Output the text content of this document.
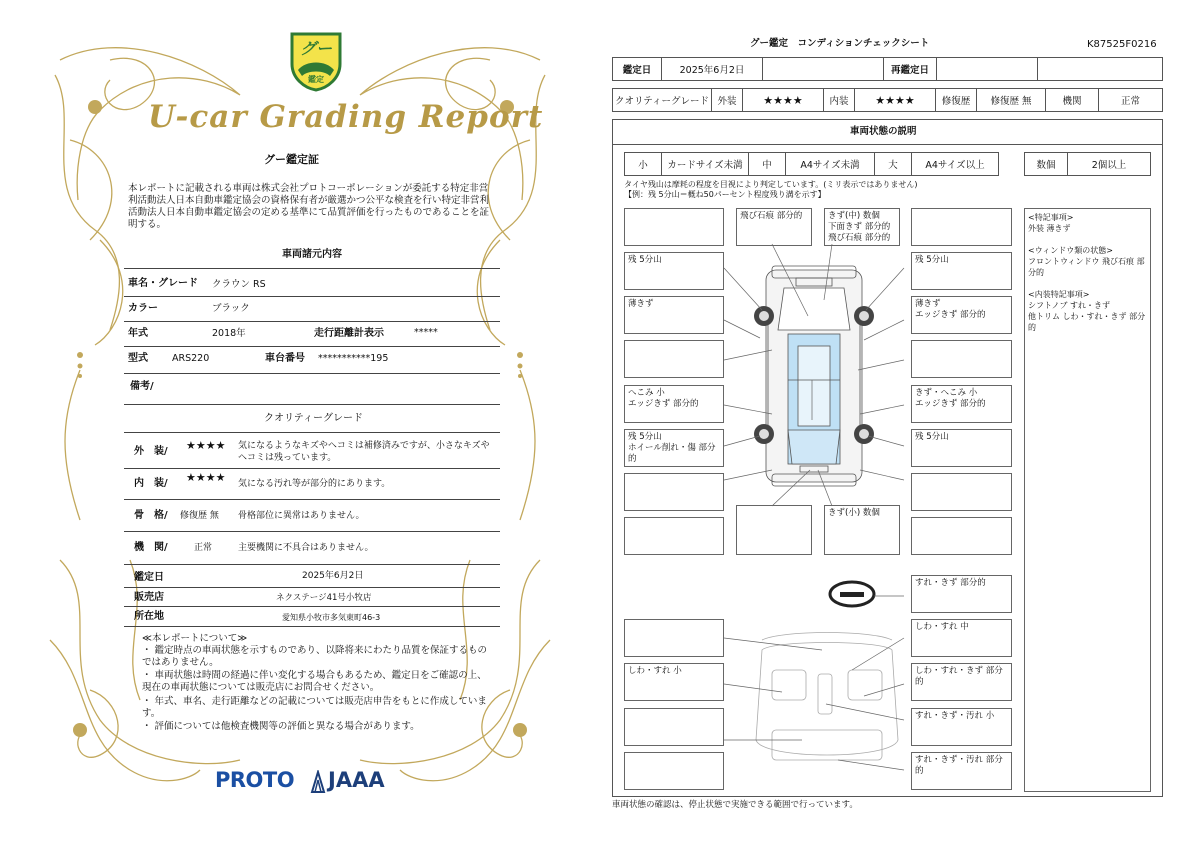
グー
鑑定
U-car Grading Report
グー鑑定証
本レポートに記載される車両は株式会社プロトコーポレーションが委託する特定非営利活動法人日本自動車鑑定協会の資格保有者が厳選かつ公平な検査を行い特定非営利活動法人日本自動車鑑定協会の定める基準にて品質評価を行ったものであることを証明する。
車両諸元内容
車名・グレード クラウン RS
カラー	ブラック
年式	2018年	走行距離計表示	*****
型式	ARS220	車台番号 ***********195
備考/
クオリティーグレード
外　装/ ★★★★ 気になるようなキズやヘコミは補修済みですが、小さなキズやヘコミは残っています。
内　装/ ★★★★ 気になる汚れ等が部分的にあります。
骨　格/ 修復歴 無 骨格部位に異常はありません。
機　関/	正常	主要機関に不具合はありません。
鑑定日	2025年6月2日
販売店	ネクステージ41号小牧店
所在地	愛知県小牧市多気東町46-3
≪本レポートについて≫
・ 鑑定時点の車両状態を示すものであり、以降将来にわたり品質を保証するものではありません。
・ 車両状態は時間の経過に伴い変化する場合もあるため、鑑定日をご確認の上、現在の車両状態については販売店にお問合せください。
・ 年式、車名、走行距離などの記載については販売店申告をもとに作成しています。
・ 評価については他検査機関等の評価と異なる場合があります。
PROTO JAAA
グー鑑定　コンディションチェックシート	K87525F0216
鑑定日	2025年6月2日	再鑑定日
クオリティーグレード 外装	★★★★	内装	★★★★	修復歴	修復歴 無	機関	正常
車両状態の説明
小	カードサイズ未満	中	A4サイズ未満	大	A4サイズ以上	数個	2個以上
タイヤ残山は摩耗の程度を目視により判定しています。(ミリ表示ではありません)
【例：残 5分山＝概ね50パーセント程度残り溝を示す】
飛び石痕 部分的	きず(中) 数個
下面きず 部分的
飛び石痕 部分的
残 5分山	残 5分山
薄きず	薄きず
エッジきず 部分的
へこみ 小
エッジきず 部分的
きず・へこみ 小
エッジきず 部分的
残 5分山
ホイール削れ・傷 部分的
残 5分山
きず(小) 数個
すれ・きず 部分的
しわ・すれ 中
しわ・すれ 小	しわ・すれ・きず 部分的
すれ・きず・汚れ 小
すれ・きず・汚れ 部分的
<特記事項>
外装 薄きず

<ウィンドウ類の状態>
フロントウィンドウ 飛び石痕 部分的

<内装特記事項>
シフトノブ すれ・きず
他トリム しわ・すれ・きず 部分的
車両状態の確認は、停止状態で実施できる範囲で行っています。
